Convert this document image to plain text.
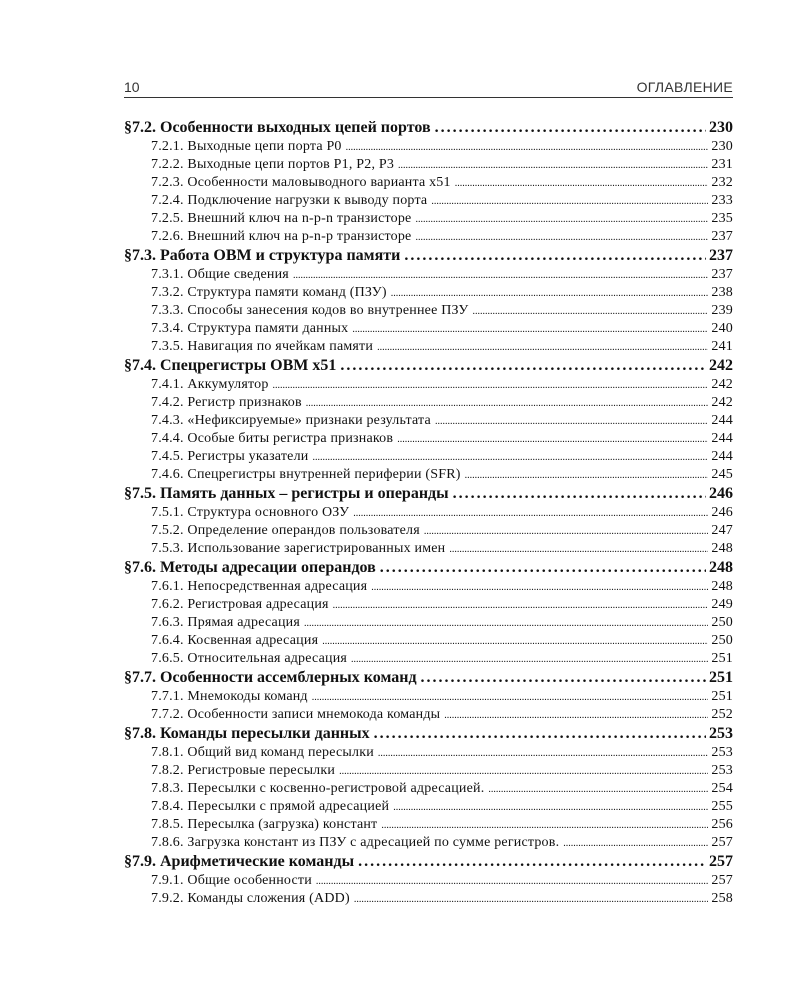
10	ОГЛАВЛЕНИЕ
§7.2. Особенности выходных цепей портов .....	230
7.2.1. Выходные цепи порта P0 .....	230
7.2.2. Выходные цепи портов P1, P2, P3 .....	231
7.2.3. Особенности маловыводного варианта x51 .....	232
7.2.4. Подключение нагрузки к выводу порта .....	233
7.2.5. Внешний ключ на n-p-n транзисторе .....	235
7.2.6. Внешний ключ на p-n-p транзисторе .....	237
§7.3. Работа ОВМ и структура памяти .....	237
7.3.1. Общие сведения .....	237
7.3.2. Структура памяти команд (ПЗУ) .....	238
7.3.3. Способы занесения кодов во внутреннее ПЗУ .....	239
7.3.4. Структура памяти данных .....	240
7.3.5. Навигация по ячейкам памяти .....	241
§7.4. Спецрегистры ОВМ x51 .....	242
7.4.1. Аккумулятор .....	242
7.4.2. Регистр признаков .....	242
7.4.3. «Нефиксируемые» признаки результата .....	244
7.4.4. Особые биты регистра признаков .....	244
7.4.5. Регистры указатели .....	244
7.4.6. Спецрегистры внутренней периферии (SFR) .....	245
§7.5. Память данных – регистры и операнды .....	246
7.5.1. Структура основного ОЗУ .....	246
7.5.2. Определение операндов пользователя .....	247
7.5.3. Использование зарегистрированных имен .....	248
§7.6. Методы адресации операндов .....	248
7.6.1. Непосредственная адресация .....	248
7.6.2. Регистровая адресация .....	249
7.6.3. Прямая адресация .....	250
7.6.4. Косвенная адресация .....	250
7.6.5. Относительная адресация .....	251
§7.7. Особенности ассемблерных команд .....	251
7.7.1. Мнемокоды команд .....	251
7.7.2. Особенности записи мнемокода команды .....	252
§7.8. Команды пересылки данных .....	253
7.8.1. Общий вид команд пересылки .....	253
7.8.2. Регистровые пересылки .....	253
7.8.3. Пересылки с косвенно-регистровой адресацией. .....	254
7.8.4. Пересылки с прямой адресацией .....	255
7.8.5. Пересылка (загрузка) констант .....	256
7.8.6. Загрузка констант из ПЗУ с адресацией по сумме регистров. .....	257
§7.9. Арифметические команды .....	257
7.9.1. Общие особенности .....	257
7.9.2. Команды сложения (ADD) .....	258
